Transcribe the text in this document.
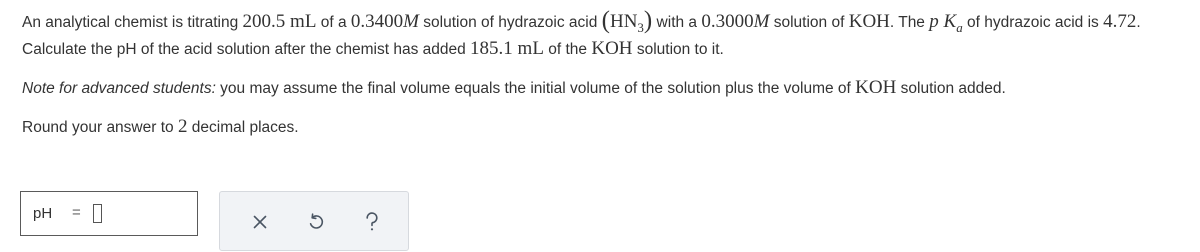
An analytical chemist is titrating 200.5 mL of a 0.3400M solution of hydrazoic acid $(HN_3)$ with a 0.3000M solution of KOH. The p $K_a$ of hydrazoic acid is 4.72.
Calculate the pH of the acid solution after the chemist has added 185.1 mL of the KOH solution to it.
Note for advanced students: you may assume the final volume equals the initial volume of the solution plus the volume of KOH solution added.
Round your answer to 2 decimal places.
pH =
